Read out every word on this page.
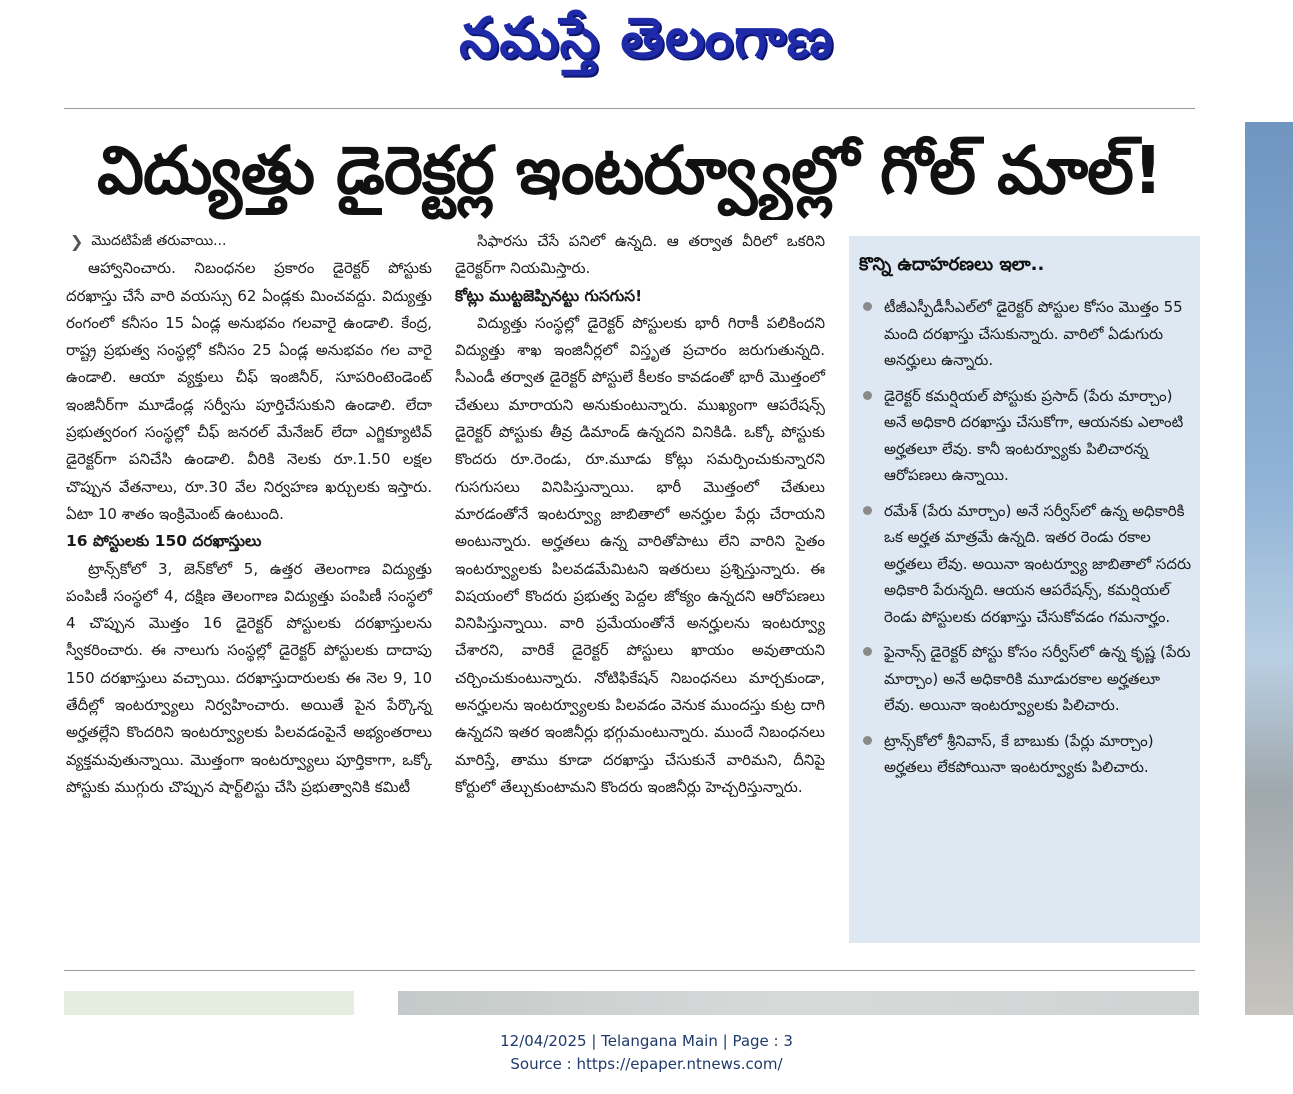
నమస్తే తెలంగాణ
విద్యుత్తు డైరెక్టర్ల ఇంటర్వ్యూల్లో గోల్ మాల్!
❯ మొదటిపేజీ తరువాయి...

ఆహ్వానించారు. నిబంధనల ప్రకారం డైరెక్టర్ పోస్టుకు దరఖాస్తు చేసే వారి వయస్సు 62 ఏండ్లకు మించవద్దు. విద్యుత్తు రంగంలో కనీసం 15 ఏండ్ల అనుభవం గలవారై ఉండాలి. కేంద్ర, రాష్ట్ర ప్రభుత్వ సంస్థల్లో కనీసం 25 ఏండ్ల అనుభవం గల వారై ఉండాలి. ఆయా వ్యక్తులు చీఫ్ ఇంజినీర్, సూపరింటెండెంట్ ఇంజినీర్‌గా మూడేండ్ల సర్వీసు పూర్తిచేసుకుని ఉండాలి. లేదా ప్రభుత్వరంగ సంస్థల్లో చీఫ్ జనరల్ మేనేజర్ లేదా ఎగ్జిక్యూటివ్ డైరెక్టర్‌గా పనిచేసి ఉండాలి. వీరికి నెలకు రూ.1.50 లక్షల చొప్పున వేతనాలు, రూ.30 వేల నిర్వహణ ఖర్చులకు ఇస్తారు. ఏటా 10 శాతం ఇంక్రిమెంట్ ఉంటుంది.

16 పోస్టులకు 150 దరఖాస్తులు

ట్రాన్స్‌కోలో 3, జెన్‌కోలో 5, ఉత్తర తెలంగాణ విద్యుత్తు పంపిణీ సంస్థలో 4, దక్షిణ తెలంగాణ విద్యుత్తు పంపిణీ సంస్థలో 4 చొప్పున మొత్తం 16 డైరెక్టర్ పోస్టులకు దరఖాస్తులను స్వీకరించారు. ఈ నాలుగు సంస్థల్లో డైరెక్టర్ పోస్టులకు దాదాపు 150 దరఖాస్తులు వచ్చాయి. దరఖాస్తుదారులకు ఈ నెల 9, 10 తేదీల్లో ఇంటర్వ్యూలు నిర్వహించారు. అయితే పైన పేర్కొన్న అర్హతల్లేని కొందరిని ఇంటర్వ్యూలకు పిలవడంపైనే అభ్యంతరాలు వ్యక్తమవుతున్నాయి. మొత్తంగా ఇంటర్వ్యూలు పూర్తికాగా, ఒక్కో పోస్టుకు ముగ్గురు చొప్పున షార్ట్‌లిస్టు చేసి ప్రభుత్వానికి కమిటీ

సిఫారసు చేసే పనిలో ఉన్నది. ఆ తర్వాత వీరిలో ఒకరిని డైరెక్టర్‌గా నియమిస్తారు.

కోట్లు ముట్టజెప్పినట్టు గుసగుస!

విద్యుత్తు సంస్థల్లో డైరెక్టర్ పోస్టులకు భారీ గిరాకీ పలికిందని విద్యుత్తు శాఖ ఇంజినీర్లలో విస్తృత ప్రచారం జరుగుతున్నది. సీఎండీ తర్వాత డైరెక్టర్ పోస్టులే కీలకం కావడంతో భారీ మొత్తంలో చేతులు మారాయని అనుకుంటున్నారు. ముఖ్యంగా ఆపరేషన్స్ డైరెక్టర్ పోస్టుకు తీవ్ర డిమాండ్ ఉన్నదని వినికిడి. ఒక్కో పోస్టుకు కొందరు రూ.రెండు, రూ.మూడు కోట్లు సమర్పించుకున్నారని గుసగుసలు వినిపిస్తున్నాయి. భారీ మొత్తంలో చేతులు మారడంతోనే ఇంటర్వ్యూ జాబితాలో అనర్హుల పేర్లు చేరాయని అంటున్నారు. అర్హతలు ఉన్న వారితోపాటు లేని వారిని సైతం ఇంటర్వ్యూలకు పిలవడమేమిటని ఇతరులు ప్రశ్నిస్తున్నారు. ఈ విషయంలో కొందరు ప్రభుత్వ పెద్దల జోక్యం ఉన్నదని ఆరోపణలు వినిపిస్తున్నాయి. వారి ప్రమేయంతోనే అనర్హులను ఇంటర్వ్యూ చేశారని, వారికే డైరెక్టర్ పోస్టులు ఖాయం అవుతాయని చర్చించుకుంటున్నారు. నోటిఫికేషన్ నిబంధనలు మార్చకుండా, అనర్హులను ఇంటర్వ్యూలకు పిలవడం వెనుక ముందస్తు కుట్ర దాగి ఉన్నదని ఇతర ఇంజినీర్లు భగ్గుమంటున్నారు. ముందే నిబంధనలు మారిస్తే, తాము కూడా దరఖాస్తు చేసుకునే వారిమని, దీనిపై కోర్టులో తేల్చుకుంటామని కొందరు ఇంజినీర్లు హెచ్చరిస్తున్నారు.

కొన్ని ఉదాహరణలు ఇలా..
టీజీఎస్పీడీసీఎల్‌లో డైరెక్టర్ పోస్టుల కోసం మొత్తం 55 మంది దరఖాస్తు చేసుకున్నారు. వారిలో ఏడుగురు అనర్హులు ఉన్నారు.
డైరెక్టర్ కమర్షియల్ పోస్టుకు ప్రసాద్ (పేరు మార్చాం) అనే అధికారి దరఖాస్తు చేసుకోగా, ఆయనకు ఎలాంటి అర్హతలూ లేవు. కానీ ఇంటర్వ్యూకు పిలిచారన్న ఆరోపణలు ఉన్నాయి.
రమేశ్ (పేరు మార్చాం) అనే సర్వీస్‌లో ఉన్న అధికారికి ఒక అర్హత మాత్రమే ఉన్నది. ఇతర రెండు రకాల అర్హతలు లేవు. అయినా ఇంటర్వ్యూ జాబితాలో సదరు అధికారి పేరున్నది. ఆయన ఆపరేషన్స్, కమర్షియల్ రెండు పోస్టులకు దరఖాస్తు చేసుకోవడం గమనార్హం.
ఫైనాన్స్ డైరెక్టర్ పోస్టు కోసం సర్వీస్‌లో ఉన్న కృష్ణ (పేరు మార్చాం) అనే అధికారికి మూడురకాల అర్హతలూ లేవు. అయినా ఇంటర్వ్యూలకు పిలిచారు.
ట్రాన్స్‌కోలో శ్రీనివాస్, కే బాబుకు (పేర్లు మార్చాం) అర్హతలు లేకపోయినా ఇంటర్వ్యూకు పిలిచారు.
12/04/2025 | Telangana Main | Page : 3
Source : https://epaper.ntnews.com/
